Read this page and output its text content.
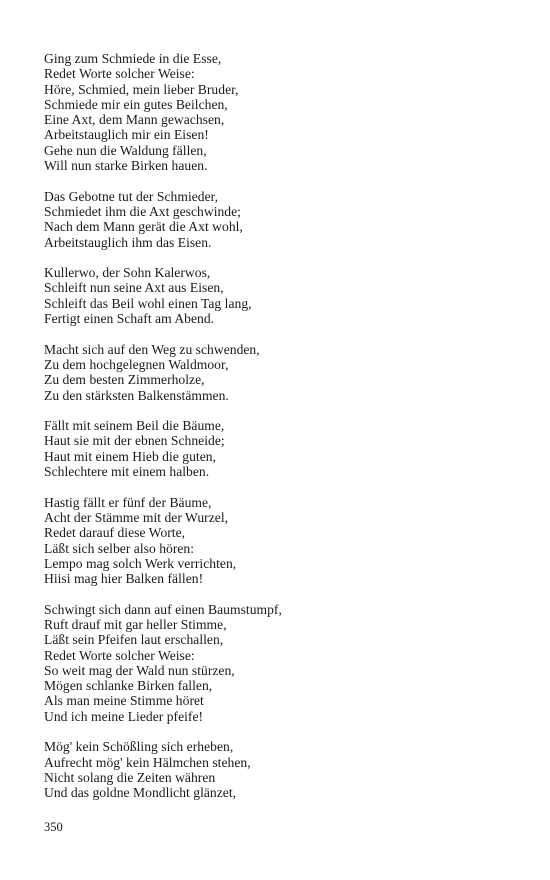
Ging zum Schmiede in die Esse,
Redet Worte solcher Weise:
Höre, Schmied, mein lieber Bruder,
Schmiede mir ein gutes Beilchen,
Eine Axt, dem Mann gewachsen,
Arbeitstauglich mir ein Eisen!
Gehe nun die Waldung fällen,
Will nun starke Birken hauen.
Das Gebotne tut der Schmieder,
Schmiedet ihm die Axt geschwinde;
Nach dem Mann gerät die Axt wohl,
Arbeitstauglich ihm das Eisen.
Kullerwo, der Sohn Kalerwos,
Schleift nun seine Axt aus Eisen,
Schleift das Beil wohl einen Tag lang,
Fertigt einen Schaft am Abend.
Macht sich auf den Weg zu schwenden,
Zu dem hochgelegnen Waldmoor,
Zu dem besten Zimmerholze,
Zu den stärksten Balkenstämmen.
Fällt mit seinem Beil die Bäume,
Haut sie mit der ebnen Schneide;
Haut mit einem Hieb die guten,
Schlechtere mit einem halben.
Hastig fällt er fünf der Bäume,
Acht der Stämme mit der Wurzel,
Redet darauf diese Worte,
Läßt sich selber also hören:
Lempo mag solch Werk verrichten,
Hiisi mag hier Balken fällen!
Schwingt sich dann auf einen Baumstumpf,
Ruft drauf mit gar heller Stimme,
Läßt sein Pfeifen laut erschallen,
Redet Worte solcher Weise:
So weit mag der Wald nun stürzen,
Mögen schlanke Birken fallen,
Als man meine Stimme höret
Und ich meine Lieder pfeife!
Mög' kein Schößling sich erheben,
Aufrecht mög' kein Hälmchen stehen,
Nicht solang die Zeiten währen
Und das goldne Mondlicht glänzet,
350
